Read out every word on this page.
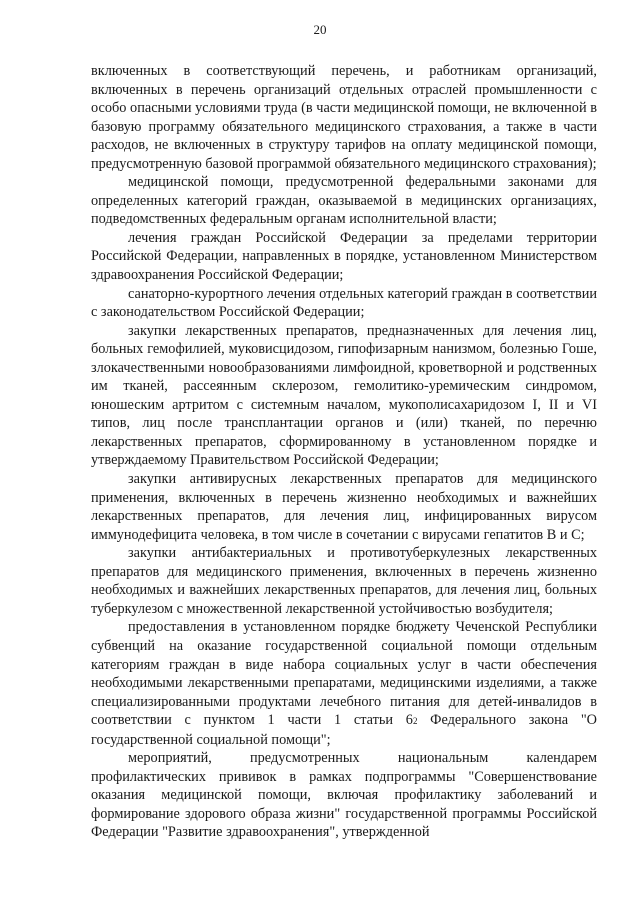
20

включенных в соответствующий перечень, и работникам организаций, включенных в перечень организаций отдельных отраслей промышленности с особо опасными условиями труда (в части медицинской помощи, не включенной в базовую программу обязательного медицинского страхования, а также в части расходов, не включенных в структуру тарифов на оплату медицинской помощи, предусмотренную базовой программой обязательного медицинского страхования);

медицинской помощи, предусмотренной федеральными законами для определенных категорий граждан, оказываемой в медицинских организациях, подведомственных федеральным органам исполнительной власти;

лечения граждан Российской Федерации за пределами территории Российской Федерации, направленных в порядке, установленном Министерством здравоохранения Российской Федерации;

санаторно-курортного лечения отдельных категорий граждан в соответствии с законодательством Российской Федерации;

закупки лекарственных препаратов, предназначенных для лечения лиц, больных гемофилией, муковисцидозом, гипофизарным нанизмом, болезнью Гоше, злокачественными новообразованиями лимфоидной, кроветворной и родственных им тканей, рассеянным склерозом, гемолитико-уремическим синдромом, юношеским артритом с системным началом, мукополисахаридозом I, II и VI типов, лиц после трансплантации органов и (или) тканей, по перечню лекарственных препаратов, сформированному в установленном порядке и утверждаемому Правительством Российской Федерации;

закупки антивирусных лекарственных препаратов для медицинского применения, включенных в перечень жизненно необходимых и важнейших лекарственных препаратов, для лечения лиц, инфицированных вирусом иммунодефицита человека, в том числе в сочетании с вирусами гепатитов B и C;

закупки антибактериальных и противотуберкулезных лекарственных препаратов для медицинского применения, включенных в перечень жизненно необходимых и важнейших лекарственных препаратов, для лечения лиц, больных туберкулезом с множественной лекарственной устойчивостью возбудителя;

предоставления в установленном порядке бюджету Чеченской Республики субвенций на оказание государственной социальной помощи отдельным категориям граждан в виде набора социальных услуг в части обеспечения необходимыми лекарственными препаратами, медицинскими изделиями, а также специализированными продуктами лечебного питания для детей-инвалидов в соответствии с пунктом 1 части 1 статьи 62 Федерального закона "О государственной социальной помощи";

мероприятий, предусмотренных национальным календарем профилактических прививок в рамках подпрограммы "Совершенствование оказания медицинской помощи, включая профилактику заболеваний и формирование здорового образа жизни" государственной программы Российской Федерации "Развитие здравоохранения", утвержденной
